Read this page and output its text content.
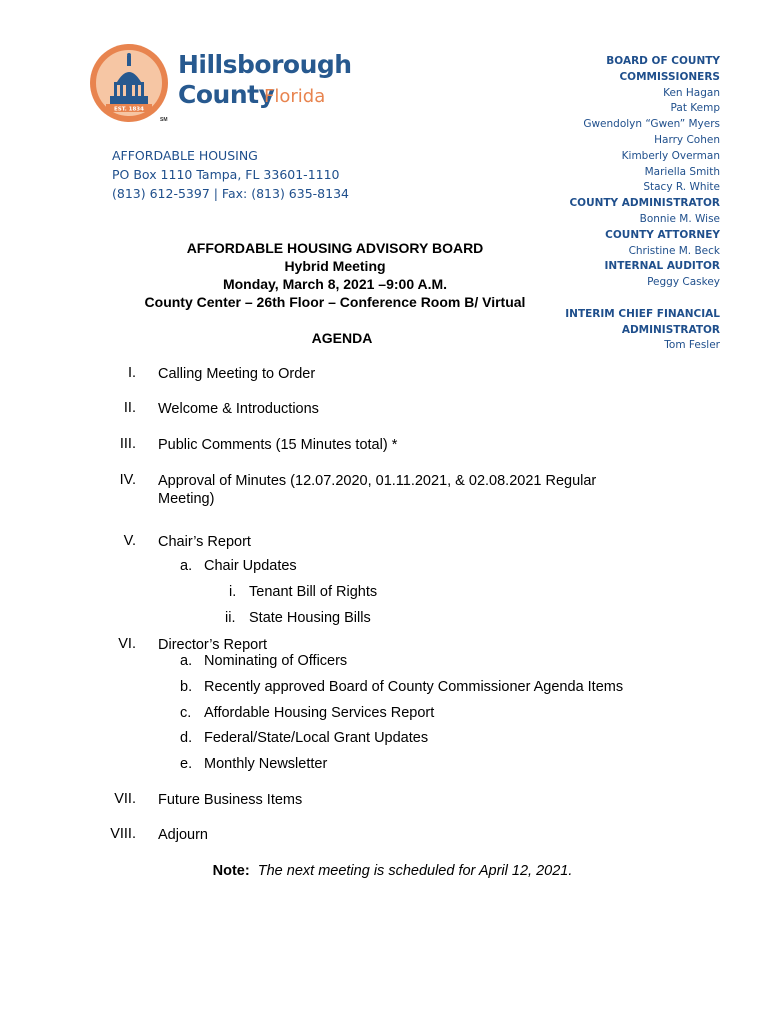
EST. 1834
Hillsborough
County
Florida
SM
AFFORDABLE HOUSING
PO Box 1110 Tampa, FL 33601-1110
(813) 612-5397 | Fax: (813) 635-8134
BOARD OF COUNTY
COMMISSIONERS
Ken Hagan
Pat Kemp
Gwendolyn “Gwen” Myers
Harry Cohen
Kimberly Overman
Mariella Smith
Stacy R. White
COUNTY ADMINISTRATOR
Bonnie M. Wise
COUNTY ATTORNEY
Christine M. Beck
INTERNAL AUDITOR
Peggy Caskey

INTERIM CHIEF FINANCIAL
ADMINISTRATOR
Tom Fesler
AFFORDABLE HOUSING ADVISORY BOARD
Hybrid Meeting
Monday, March 8, 2021 –9:00 A.M.
County Center – 26th Floor – Conference Room B/ Virtual
AGENDA
I. Calling Meeting to Order
II. Welcome & Introductions
III. Public Comments (15 Minutes total) *
IV. Approval of Minutes (12.07.2020, 01.11.2021, & 02.08.2021 Regular
Meeting)
V. Chair’s Report
a. Chair Updates
i. Tenant Bill of Rights
ii. State Housing Bills
VI. Director’s Report
a. Nominating of Officers
b. Recently approved Board of County Commissioner Agenda Items
c. Affordable Housing Services Report
d. Federal/State/Local Grant Updates
e. Monthly Newsletter
VII. Future Business Items
VIII. Adjourn
Note: The next meeting is scheduled for April 12, 2021.
